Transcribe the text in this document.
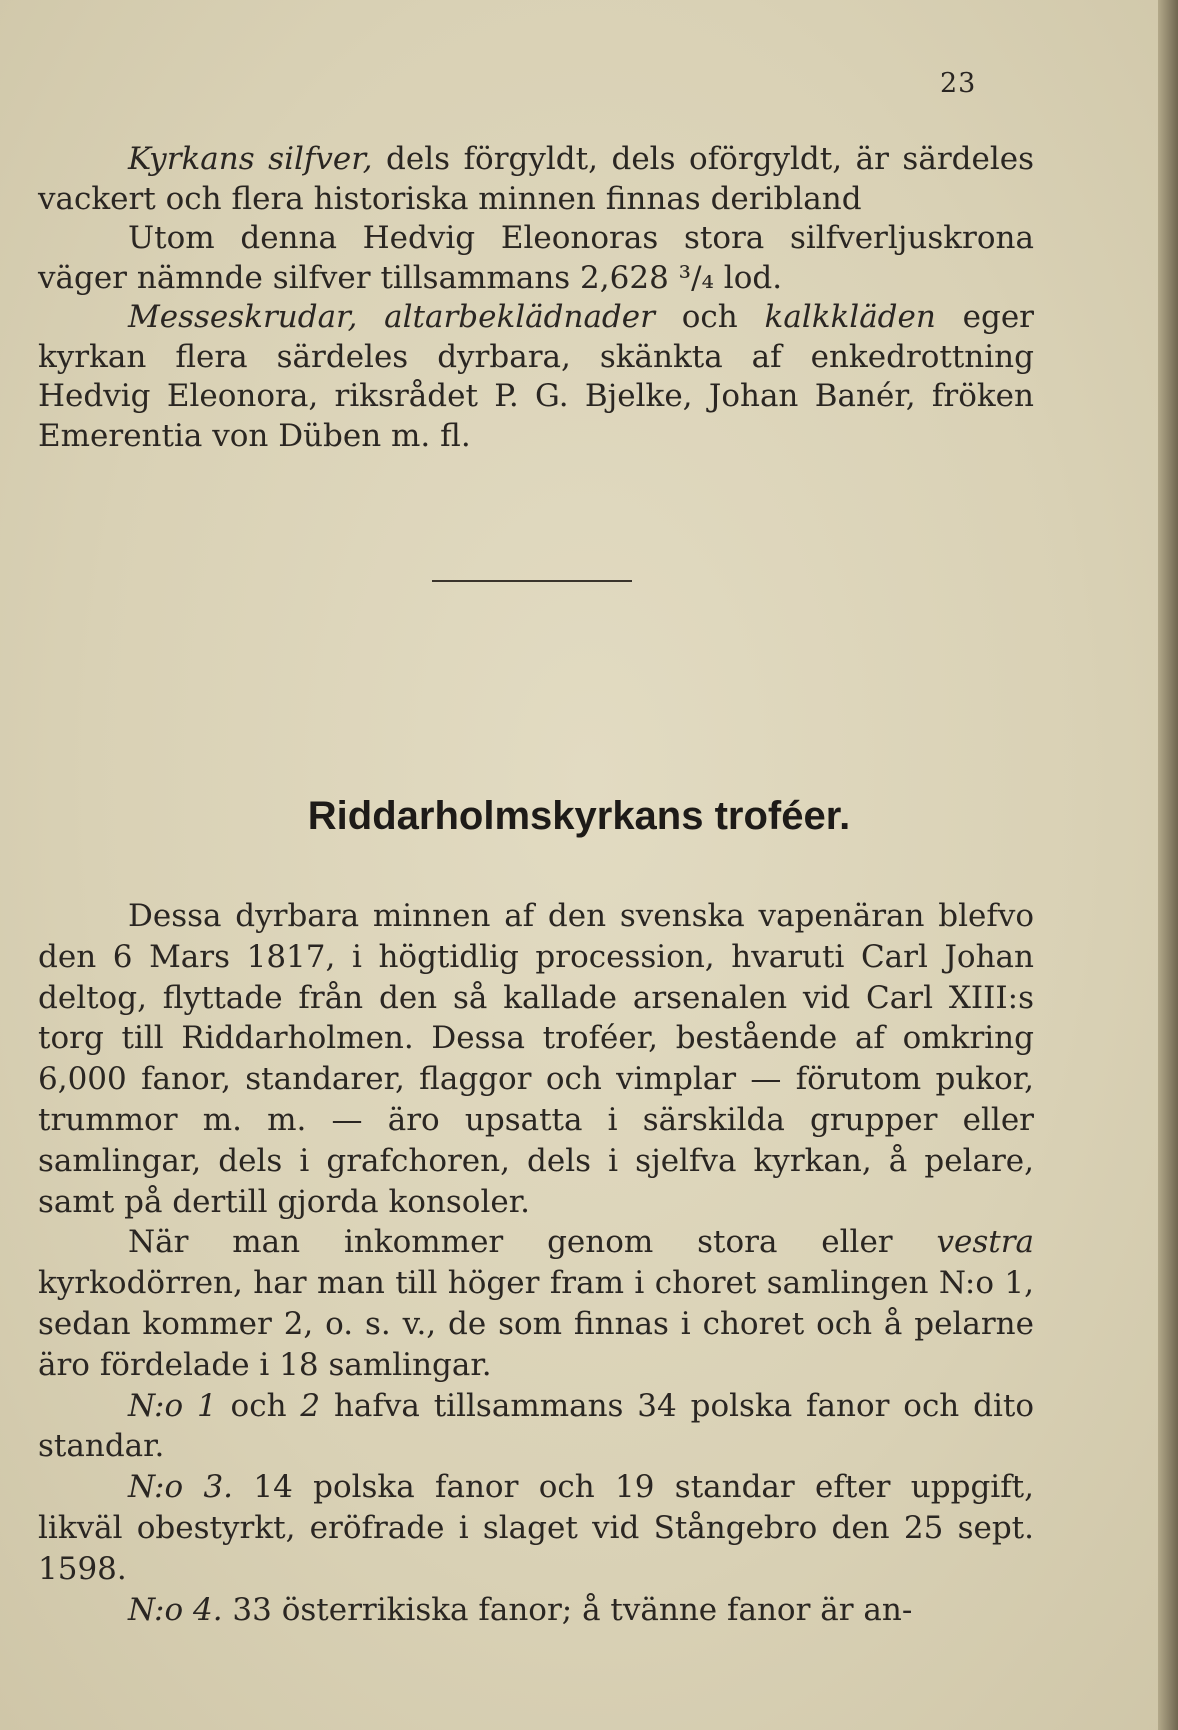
23

Kyrkans silfver, dels förgyldt, dels oförgyldt, är särdeles vackert och flera historiska minnen finnas deribland

Utom denna Hedvig Eleonoras stora silfverljuskrona väger nämnde silfver tillsammans 2,628 ³/₄ lod.

Messeskrudar, altarbeklädnader och kalkkläden eger kyrkan flera särdeles dyrbara, skänkta af enkedrottning Hedvig Eleonora, riksrådet P. G. Bjelke, Johan Banér, fröken Emerentia von Düben m. fl.

Riddarholmskyrkans troféer.

Dessa dyrbara minnen af den svenska vapenäran blefvo den 6 Mars 1817, i högtidlig procession, hvaruti Carl Johan deltog, flyttade från den så kallade arsenalen vid Carl XIII:s torg till Riddarholmen. Dessa troféer, bestående af omkring 6,000 fanor, standarer, flaggor och vimplar — förutom pukor, trummor m. m. — äro upsatta i särskilda grupper eller samlingar, dels i grafchoren, dels i sjelfva kyrkan, å pelare, samt på dertill gjorda konsoler.

När man inkommer genom stora eller vestra kyrkodörren, har man till höger fram i choret samlingen N:o 1, sedan kommer 2, o. s. v., de som finnas i choret och å pelarne äro fördelade i 18 samlingar.

N:o 1 och 2 hafva tillsammans 34 polska fanor och dito standar.

N:o 3. 14 polska fanor och 19 standar efter uppgift, likväl obestyrkt, eröfrade i slaget vid Stångebro den 25 sept. 1598.

N:o 4. 33 österrikiska fanor; å tvänne fanor är an-
